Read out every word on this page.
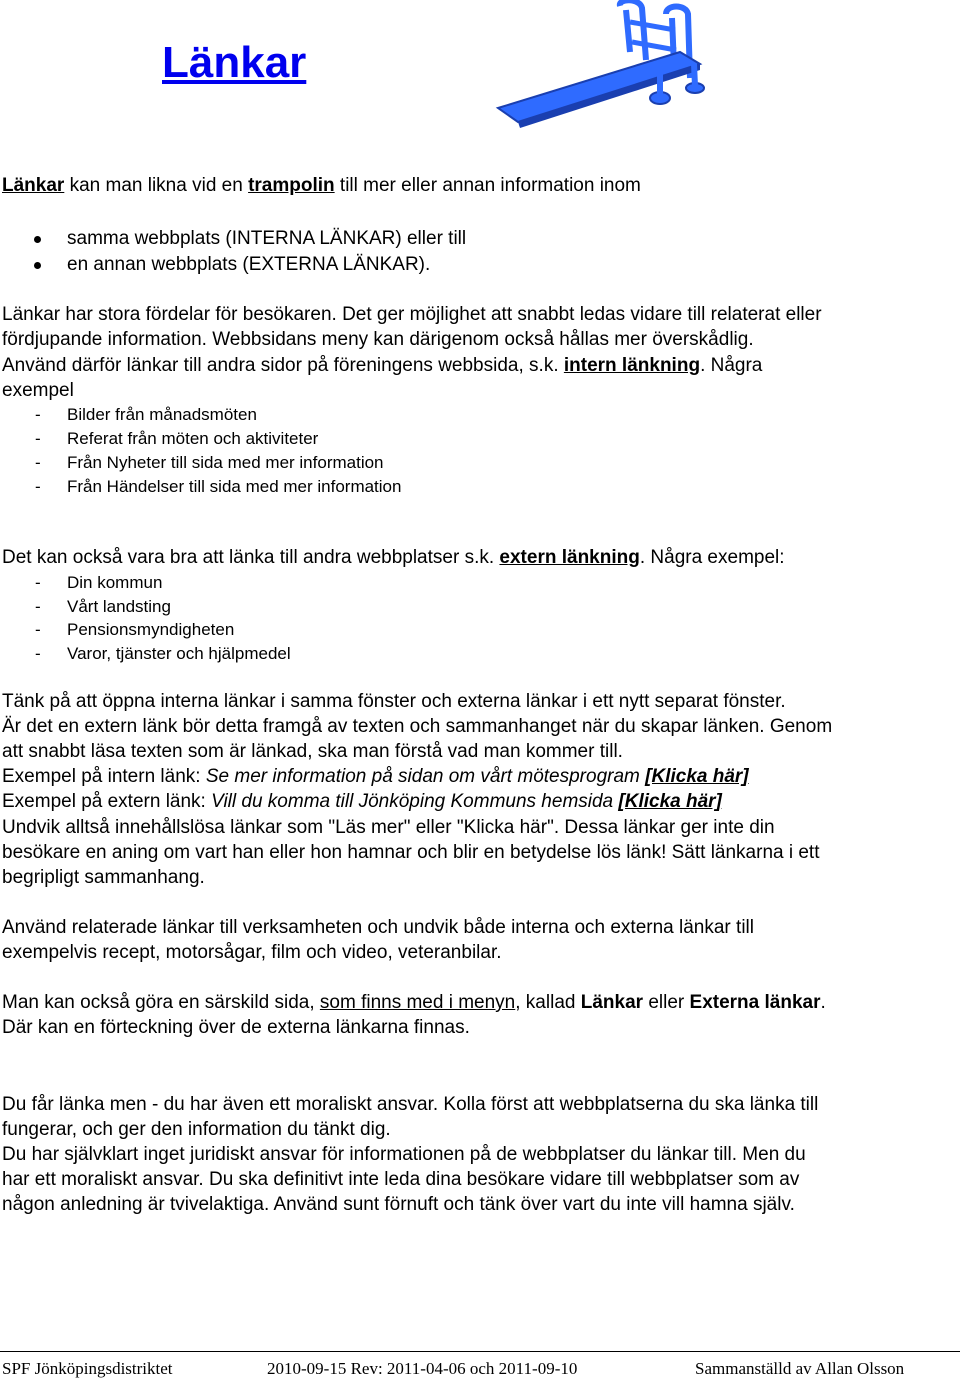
Länkar
Länkar kan man likna vid en trampolin till mer eller annan information inom
samma webbplats (INTERNA LÄNKAR) eller till
en annan webbplats (EXTERNA LÄNKAR).
Länkar har stora fördelar för besökaren. Det ger möjlighet att snabbt ledas vidare till relaterat eller
fördjupande information. Webbsidans meny kan därigenom också hållas mer överskådlig.
Använd därför länkar till andra sidor på föreningens webbsida, s.k. intern länkning. Några
exempel
- Bilder från månadsmöten
- Referat från möten och aktiviteter
- Från Nyheter till sida med mer information
- Från Händelser till sida med mer information
Det kan också vara bra att länka till andra webbplatser s.k. extern länkning. Några exempel:
- Din kommun
- Vårt landsting
- Pensionsmyndigheten
- Varor, tjänster och hjälpmedel
Tänk på att öppna interna länkar i samma fönster och externa länkar i ett nytt separat fönster.
Är det en extern länk bör detta framgå av texten och sammanhanget när du skapar länken. Genom
att snabbt läsa texten som är länkad, ska man förstå vad man kommer till.
Exempel på intern länk: Se mer information på sidan om vårt mötesprogram [Klicka här]
Exempel på extern länk: Vill du komma till Jönköping Kommuns hemsida [Klicka här]
Undvik alltså innehållslösa länkar som "Läs mer" eller "Klicka här". Dessa länkar ger inte din
besökare en aning om vart han eller hon hamnar och blir en betydelse lös länk! Sätt länkarna i ett
begripligt sammanhang.
Använd relaterade länkar till verksamheten och undvik både interna och externa länkar till
exempelvis recept, motorsågar, film och video, veteranbilar.
Man kan också göra en särskild sida, som finns med i menyn, kallad Länkar eller Externa länkar.
Där kan en förteckning över de externa länkarna finnas.
Du får länka men - du har även ett moraliskt ansvar. Kolla först att webbplatserna du ska länka till
fungerar, och ger den information du tänkt dig.
Du har självklart inget juridiskt ansvar för informationen på de webbplatser du länkar till. Men du
har ett moraliskt ansvar. Du ska definitivt inte leda dina besökare vidare till webbplatser som av
någon anledning är tvivelaktiga. Använd sunt förnuft och tänk över vart du inte vill hamna själv.
SPF Jönköpingsdistriktet	2010-09-15 Rev: 2011-04-06 och 2011-09-10	Sammanställd av Allan Olsson
